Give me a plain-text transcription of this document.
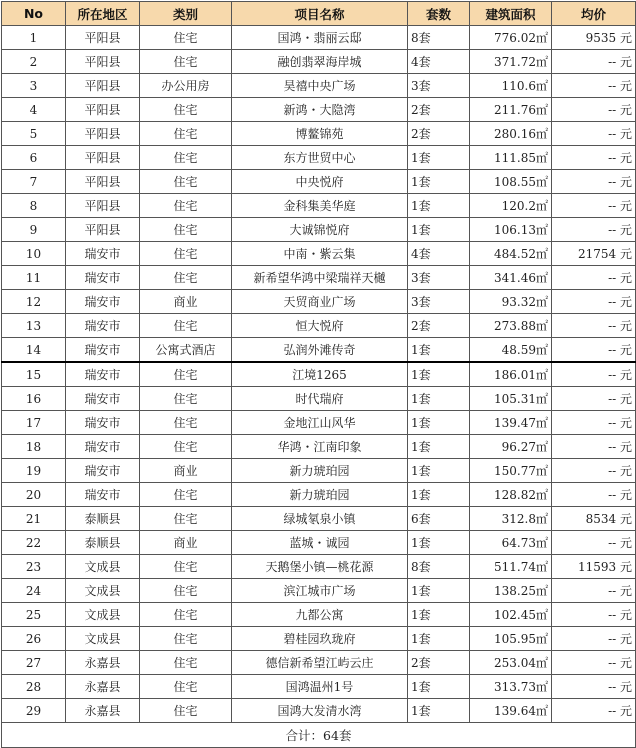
No	所在地区	类别	项目名称	套数	建筑面积	均价
1	平阳县	住宅	国鸿・翡丽云邸	8套	776.02㎡	9535 元
2	平阳县	住宅	融创翡翠海岸城	4套	371.72㎡	-- 元
3	平阳县	办公用房	昊禧中央广场	3套	110.6㎡	-- 元
4	平阳县	住宅	新鸿・大隐湾	2套	211.76㎡	-- 元
5	平阳县	住宅	博鳌锦苑	2套	280.16㎡	-- 元
6	平阳县	住宅	东方世贸中心	1套	111.85㎡	-- 元
7	平阳县	住宅	中央悦府	1套	108.55㎡	-- 元
8	平阳县	住宅	金科集美华庭	1套	120.2㎡	-- 元
9	平阳县	住宅	大诚锦悦府	1套	106.13㎡	-- 元
10	瑞安市	住宅	中南・紫云集	4套	484.52㎡	21754 元
11	瑞安市	住宅	新希望华鸿中梁瑞祥天樾	3套	341.46㎡	-- 元
12	瑞安市	商业	天贸商业广场	3套	93.32㎡	-- 元
13	瑞安市	住宅	恒大悦府	2套	273.88㎡	-- 元
14	瑞安市	公寓式酒店	弘润外滩传奇	1套	48.59㎡	-- 元
15	瑞安市	住宅	江境1265	1套	186.01㎡	-- 元
16	瑞安市	住宅	时代瑞府	1套	105.31㎡	-- 元
17	瑞安市	住宅	金地江山风华	1套	139.47㎡	-- 元
18	瑞安市	住宅	华鸿・江南印象	1套	96.27㎡	-- 元
19	瑞安市	商业	新力琥珀园	1套	150.77㎡	-- 元
20	瑞安市	住宅	新力琥珀园	1套	128.82㎡	-- 元
21	泰顺县	住宅	绿城氡泉小镇	6套	312.8㎡	8534 元
22	泰顺县	商业	蓝城・诚园	1套	64.73㎡	-- 元
23	文成县	住宅	天鹅堡小镇—桃花源	8套	511.74㎡	11593 元
24	文成县	住宅	滨江城市广场	1套	138.25㎡	-- 元
25	文成县	住宅	九都公寓	1套	102.45㎡	-- 元
26	文成县	住宅	碧桂园玖珑府	1套	105.95㎡	-- 元
27	永嘉县	住宅	德信新希望江屿云庄	2套	253.04㎡	-- 元
28	永嘉县	住宅	国鸿温州1号	1套	313.73㎡	-- 元
29	永嘉县	住宅	国鸿大发清水湾	1套	139.64㎡	-- 元
合计：64套						
